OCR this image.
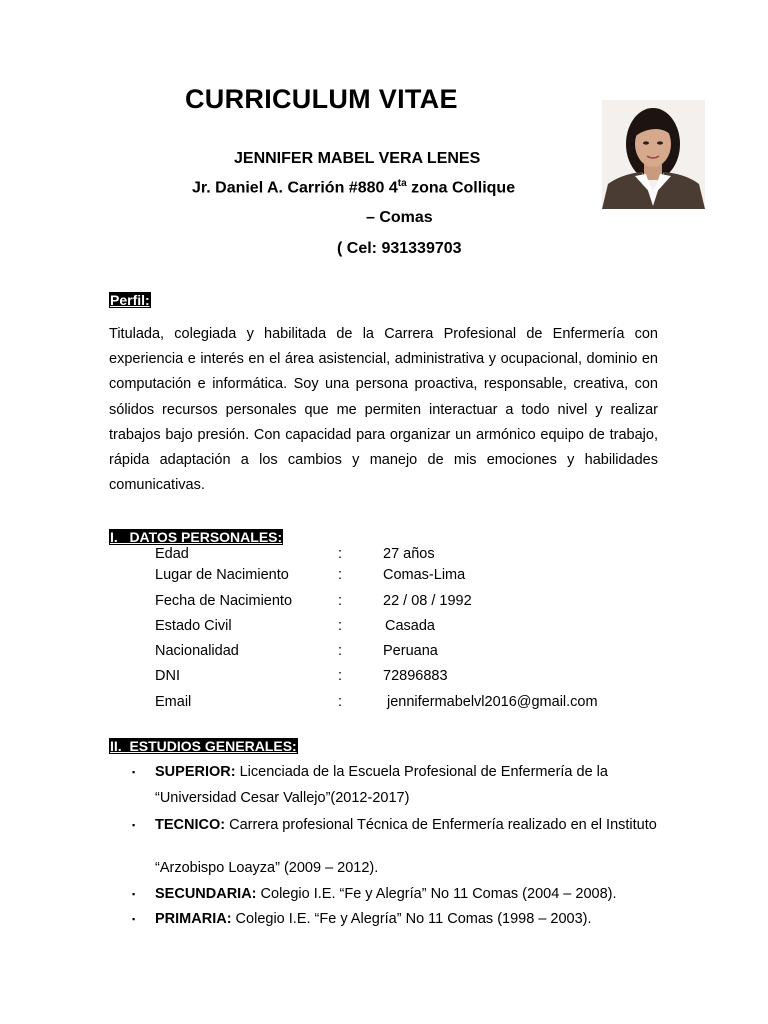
CURRICULUM VITAE
JENNIFER MABEL VERA LENES
Jr. Daniel A. Carrión #880 $4^{ta}$ zona Collique
– Comas
( Cel: 931339703
Perfil:
Titulada, colegiada y habilitada de la Carrera Profesional de Enfermería con experiencia e interés en el área asistencial, administrativa y ocupacional, dominio en computación e informática. Soy una persona proactiva, responsable, creativa, con sólidos recursos personales que me permiten interactuar a todo nivel y realizar trabajos bajo presión. Con capacidad para organizar un armónico equipo de trabajo, rápida adaptación a los cambios y manejo de mis emociones y habilidades comunicativas.
I.   DATOS PERSONALES:
Edad	:	27 años
Lugar de Nacimiento	:	Comas-Lima
Fecha de Nacimiento	:	22 / 08 / 1992
Estado Civil	:	Casada
Nacionalidad	:	Peruana
DNI	:	72896883
Email	:	jennifermabelvl2016@gmail.com
II.  ESTUDIOS GENERALES:
▪ SUPERIOR: Licenciada de la Escuela Profesional de Enfermería de la
“Universidad Cesar Vallejo”(2012-2017)
▪ TECNICO: Carrera profesional Técnica de Enfermería realizado en el Instituto
“Arzobispo Loayza” (2009 – 2012).
▪ SECUNDARIA: Colegio I.E. “Fe y Alegría” No 11 Comas (2004 – 2008).
▪ PRIMARIA: Colegio I.E. “Fe y Alegría” No 11 Comas (1998 – 2003).
